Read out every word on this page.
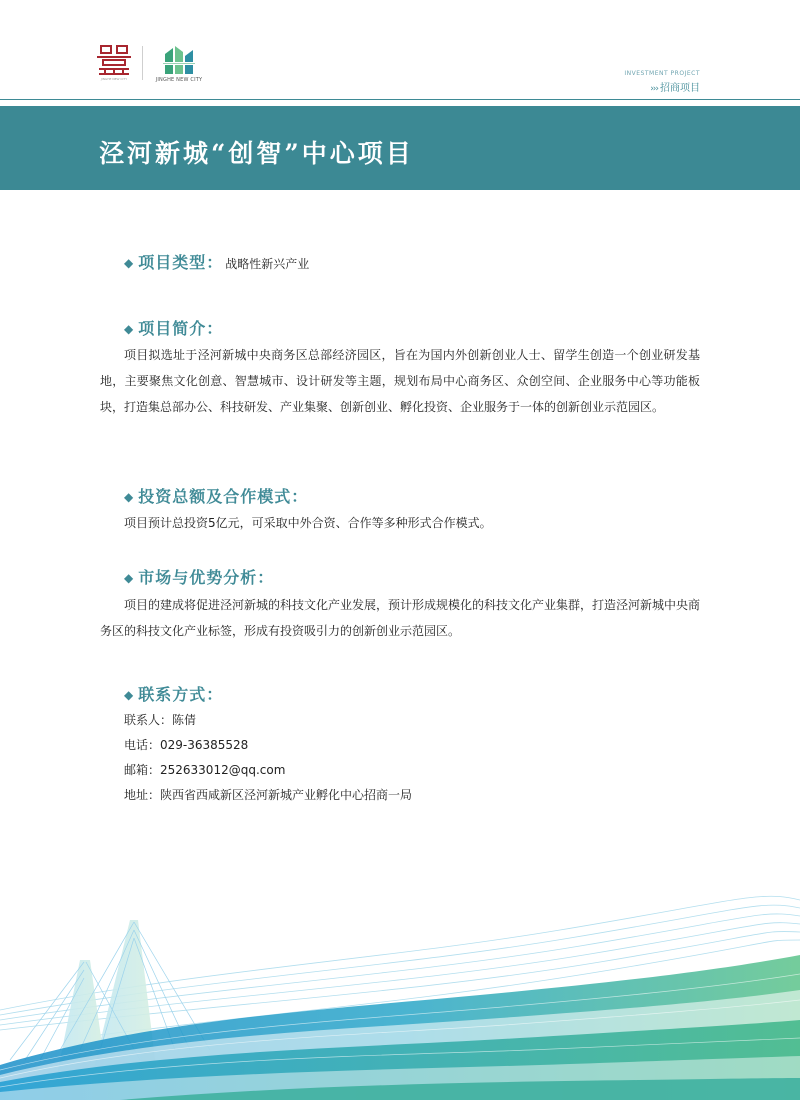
JINGHE NEW CITY	JINGHE NEW CITY
INVESTMENT PROJECT
››› 招商项目
泾河新城“创智”中心项目
◆ 项目类型： 战略性新兴产业
◆ 项目简介：

项目拟选址于泾河新城中央商务区总部经济园区，旨在为国内外创新创业人士、留学生创造一个创业研发基地，主要聚焦文化创意、智慧城市、设计研发等主题，规划布局中心商务区、众创空间、企业服务中心等功能板块，打造集总部办公、科技研发、产业集聚、创新创业、孵化投资、企业服务于一体的创新创业示范园区。

◆ 投资总额及合作模式：

项目预计总投资5亿元，可采取中外合资、合作等多种形式合作模式。

◆ 市场与优势分析：

项目的建成将促进泾河新城的科技文化产业发展，预计形成规模化的科技文化产业集群，打造泾河新城中央商务区的科技文化产业标签，形成有投资吸引力的创新创业示范园区。

◆ 联系方式：
联系人：陈倩
电话：029-36385528
邮箱：252633012@qq.com
地址：陕西省西咸新区泾河新城产业孵化中心招商一局
